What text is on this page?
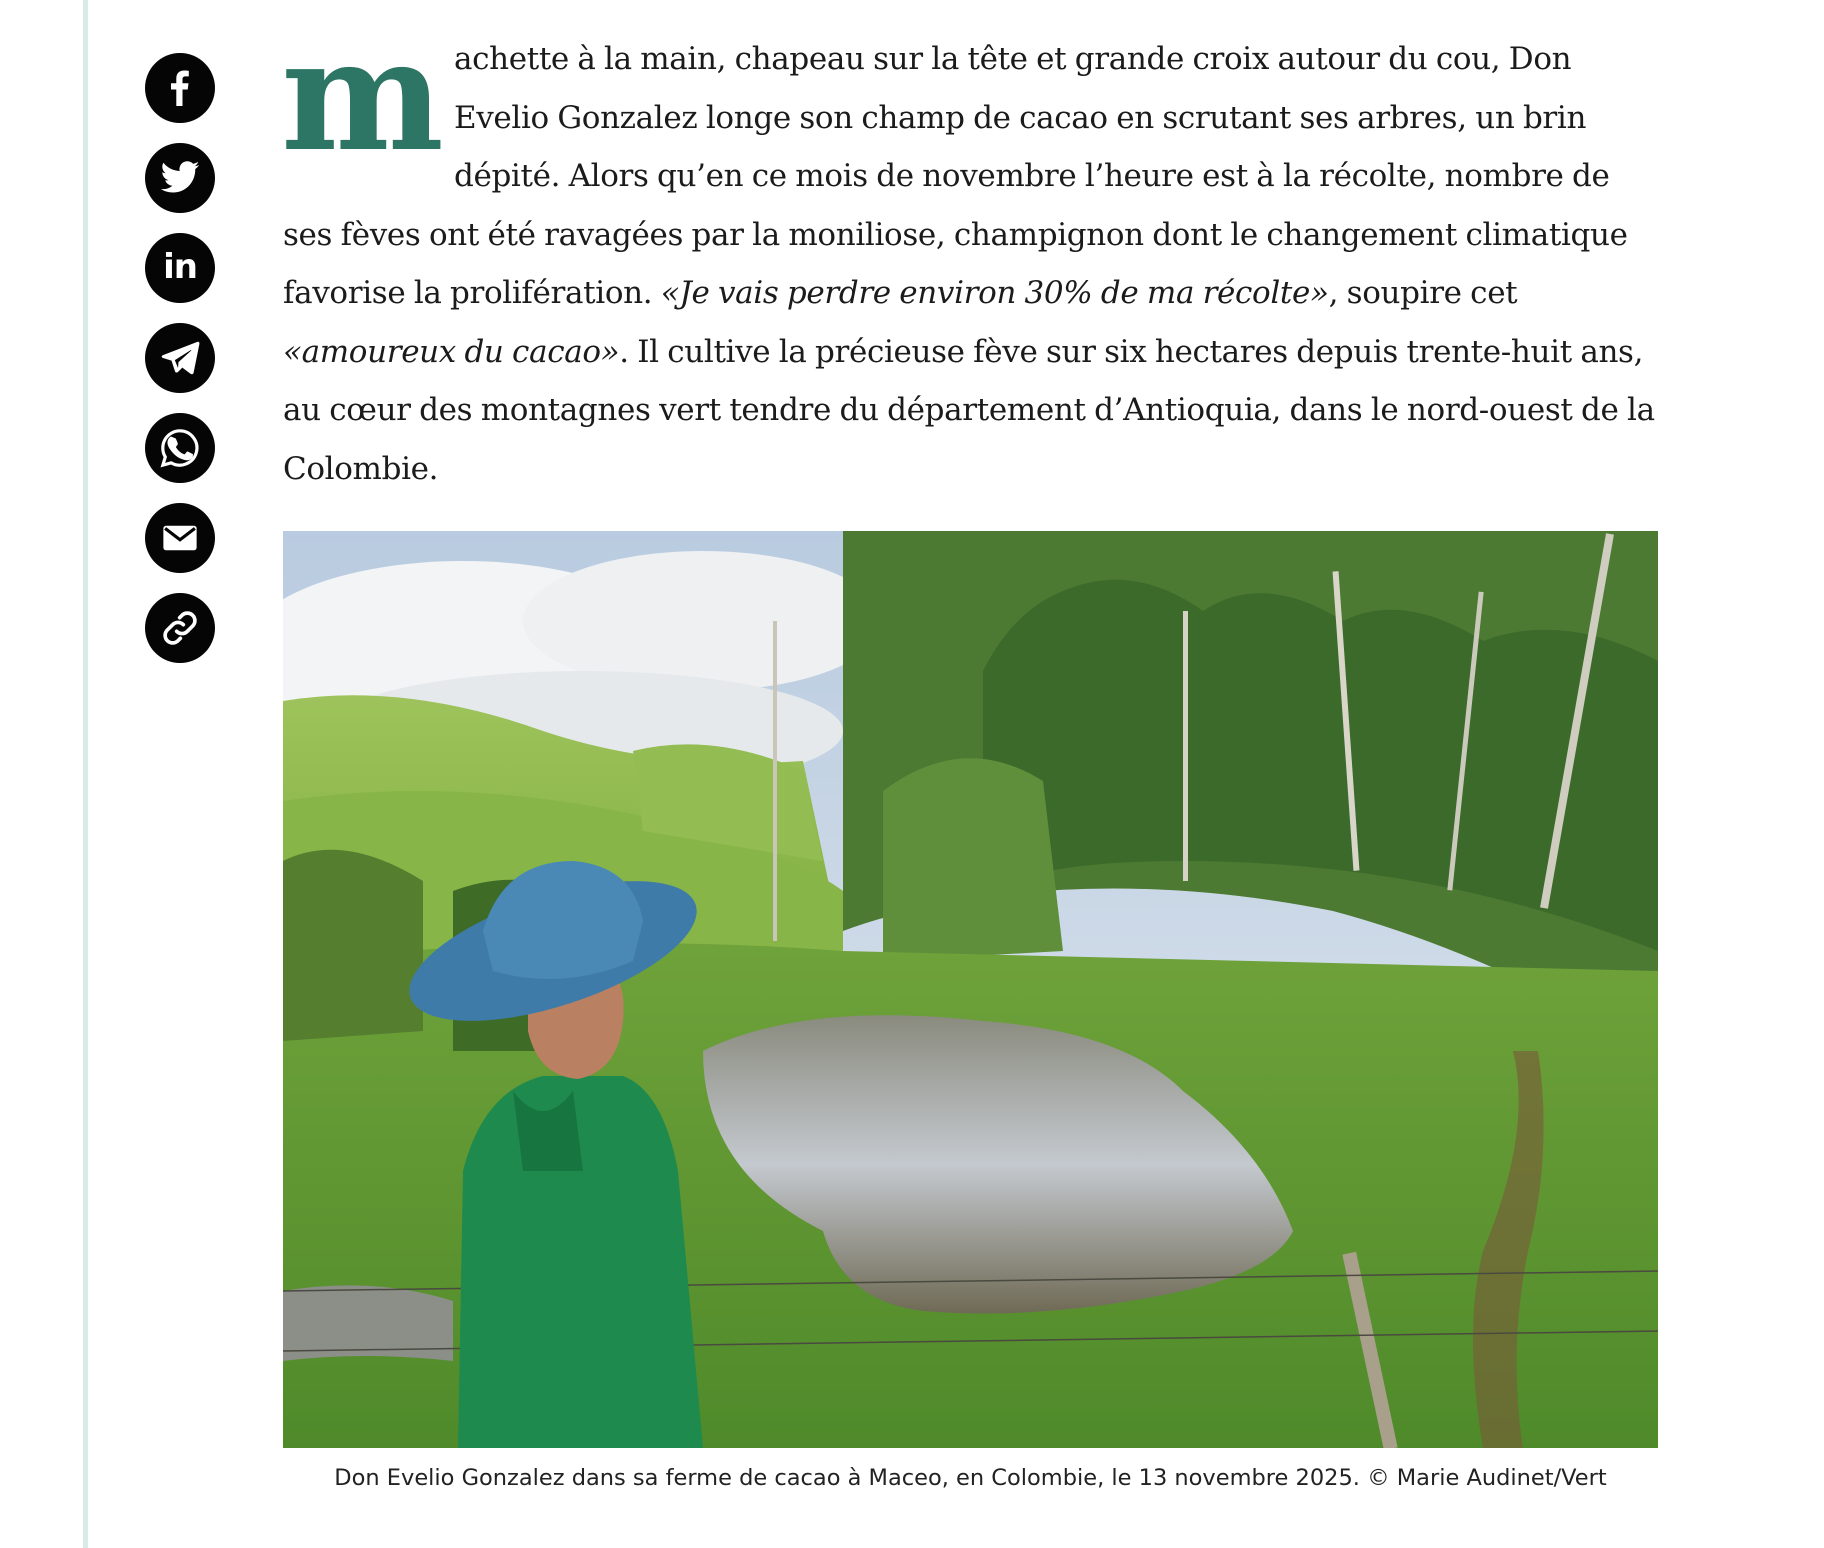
in

machette à la main, chapeau sur la tête et grande croix autour du cou, Don Evelio Gonzalez longe son champ de cacao en scrutant ses arbres, un brin dépité. Alors qu’en ce mois de novembre l’heure est à la récolte, nombre de ses fèves ont été ravagées par la moniliose, champignon dont le changement climatique favorise la prolifération. «Je vais perdre environ 30% de ma récolte», soupire cet «amoureux du cacao». Il cultive la précieuse fève sur six hectares depuis trente-huit ans, au cœur des montagnes vert tendre du département d’Antioquia, dans le nord-ouest de la Colombie.

Don Evelio Gonzalez dans sa ferme de cacao à Maceo, en Colombie, le 13 novembre 2025. © Marie Audinet/Vert
